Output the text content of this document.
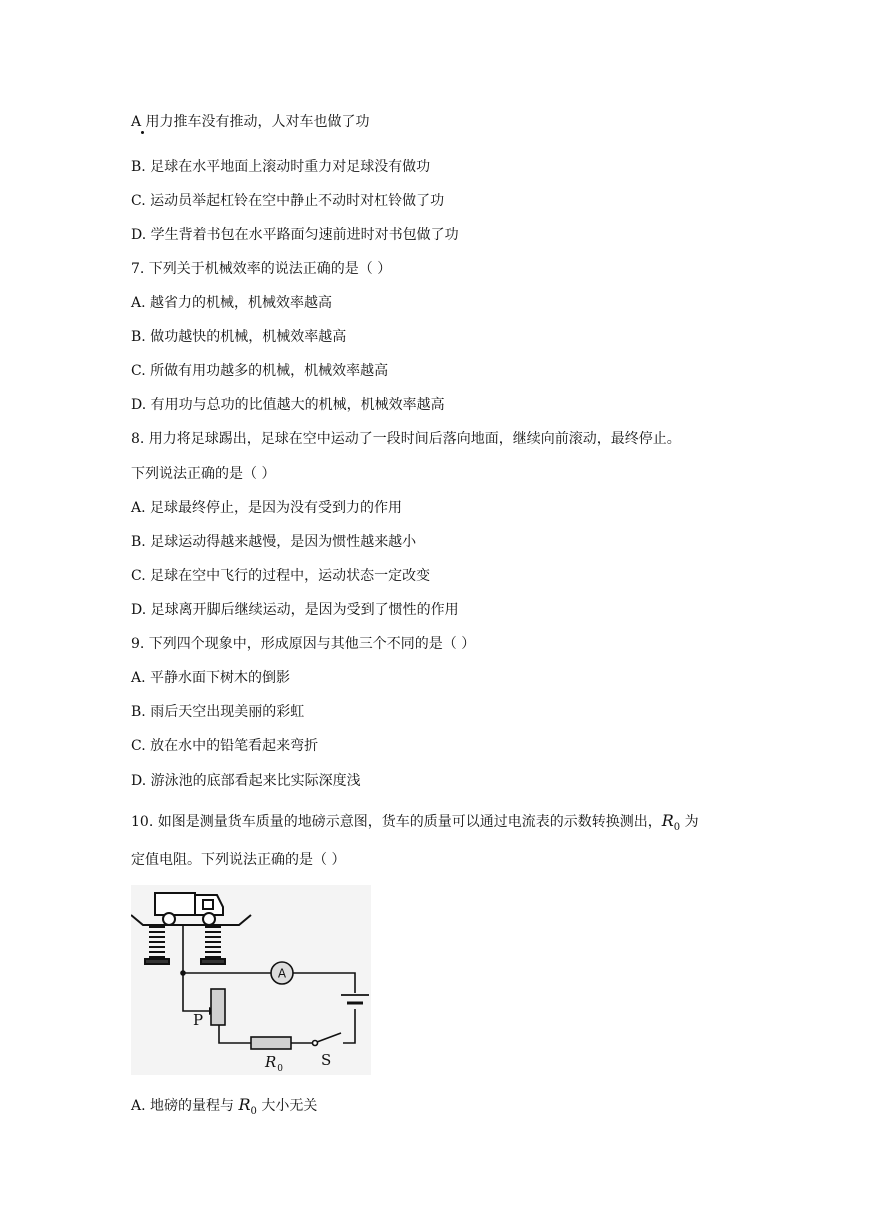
A 用力推车没有推动，人对车也做了功
B. 足球在水平地面上滚动时重力对足球没有做功
C. 运动员举起杠铃在空中静止不动时对杠铃做了功
D. 学生背着书包在水平路面匀速前进时对书包做了功
7. 下列关于机械效率的说法正确的是（ ）
A. 越省力的机械，机械效率越高
B. 做功越快的机械，机械效率越高
C. 所做有用功越多的机械，机械效率越高
D. 有用功与总功的比值越大的机械，机械效率越高
8. 用力将足球踢出，足球在空中运动了一段时间后落向地面，继续向前滚动，最终停止。
下列说法正确的是（ ）
A. 足球最终停止，是因为没有受到力的作用
B. 足球运动得越来越慢，是因为惯性越来越小
C. 足球在空中飞行的过程中，运动状态一定改变
D. 足球离开脚后继续运动，是因为受到了惯性的作用
9. 下列四个现象中，形成原因与其他三个不同的是（ ）
A. 平静水面下树木的倒影
B. 雨后天空出现美丽的彩虹
C. 放在水中的铅笔看起来弯折
D. 游泳池的底部看起来比实际深度浅
10. 如图是测量货车质量的地磅示意图，货车的质量可以通过电流表的示数转换测出，$R_0$ 为
定值电阻。下列说法正确的是（ ）
A
P
$R_0$	S
A. 地磅的量程与 $R_0$ 大小无关
